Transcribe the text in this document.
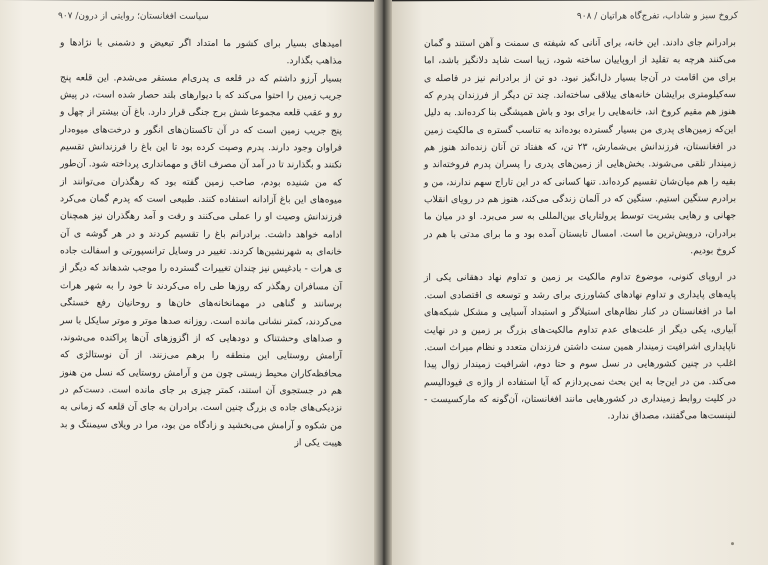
سیاست افغانستان؛ روایتی از درون/ ۹۰۷
امیدهای بسیار برای کشور ما امتداد اگر تبعیض و دشمنی با نژادها و مذاهب بگذارد.
بسیار آرزو داشتم که در قلعه ی پدری‌ام مستقر می‌شدم. این قلعه پنج جریب زمین را احتوا می‌کند که با دیوارهای بلند حصار شده است، در پیش رو و عقب قلعه مجموعا شش برج جنگی قرار دارد. باغ آن بیشتر از چهل و پنج جریب زمین است که در آن تاکستان‌های انگور و درخت‌های میوه‌دار فراوان وجود دارند. پدرم وصیت کرده بود تا این باغ را فرزندانش تقسیم نکنند و بگذارند تا در آمد آن مصرف اتاق و مهمانداری پرداخته شود. آن‌طور که من شنیده بودم، صاحب زمین گفته بود که رهگذران می‌توانند از میوه‌های این باغ آزادانه استفاده کنند. طبیعی است که پدرم گمان می‌کرد فرزندانش وصیت او را عملی می‌کنند و رفت و آمد رهگذران نیز همچنان ادامه خواهد داشت. برادرانم باغ را تقسیم کردند و در هر گوشه ی آن خانه‌ای به شهرنشین‌ها کردند. تغییر در وسایل ترانسپورتی و اسفالت جاده ی هرات - بادغیس نیز چندان تغییرات گسترده را موجب شدهاند که دیگر از آن مسافران رهگذر که روزها طی راه می‌کردند تا خود را به شهر هرات برسانند و گناهی در مهمانخانه‌های خان‌ها و روحانیان رفع خستگی می‌کردند، کمتر نشانی مانده است. روزانه صدها موتر و موتر سایکل با سر و صداهای وحشتناک و دودهایی که از اگزوزهای آن‌ها پراکنده می‌شوند، آرامش روستایی این منطقه را برهم می‌زنند. از آن نوستالژی که محافظه‌کاران محیط زیستی چون من و آرامش روستایی که نسل من هنوز هم در جستجوی آن استند، کمتر چیزی بر جای مانده است. دست‌کم در نزدیکی‌های جاده ی بزرگ چنین است. برادران به جای آن قلعه که زمانی به من شکوه و آرامش می‌بخشید و زادگاه من بود، مرا در ویلای سیمنتگ و بد هیبت یکی از
کروخ سبز و شاداب، تفرج‌گاه هراتیان / ۹۰۸
برادرانم جای دادند. این خانه، برای آنانی که شیفته ی سمنت و آهن استند و گمان می‌کنند هرچه به تقلید از اروپاییان ساخته شود، زیبا است شاید دلانگیز باشد، اما برای من اقامت در آن‌جا بسیار دل‌انگیز نبود. دو تن از برادرانم نیز در فاصله ی سه‌کیلومتری برایشان خانه‌های ییلاقی ساخته‌اند. چند تن دیگر از فرزندان پدرم که هنوز هم مقیم کروخ اند، خانه‌هایی را برای بود و باش همیشگی بنا کرده‌اند. به دلیل این‌که زمین‌های پدری من بسیار گسترده بوده‌اند به تناسب گستره ی مالکیت زمین در افغانستان، فرزندانش بی‌شمارش، ۲۳ تن، که هفتاد تن آنان زنده‌اند هنوز هم زمیندار تلقی می‌شوند. بخش‌هایی از زمین‌های پدری را پسران پدرم فروخته‌اند و بقیه را هم میان‌شان تقسیم کرده‌اند. تنها کسانی که در این تاراج سهم ندارند، من و برادرم ستگین استیم. سنگین که در آلمان زندگی می‌کند، هنوز هم در رویای انقلاب جهانی و رهایی بشریت توسط پرولتاریای بین‌المللی به سر می‌برد. او در میان ما برادران، درویش‌ترین ما است. امسال تابستان آمده بود و ما برای مدتی با هم در کروخ بودیم.
در اروپای کنونی، موضوع تداوم مالکیت بر زمین و تداوم نهاد دهقانی یکی از پایه‌های پایداری و تداوم نهادهای کشاورزی برای رشد و توسعه ی اقتصادی است. اما در افغانستان در کنار نظام‌های استیلاگر و استبداد آسیایی و مشکل شبکه‌های آبیاری، یکی دیگر از علت‌های عدم تداوم مالکیت‌های بزرگ بر زمین و در نهایت ناپایداری اشرافیت زمیندار همین سنت داشتن فرزندان متعدد و نظام میراث است. اغلب در چنین کشورهایی در نسل سوم و حتا دوم، اشرافیت زمیندار زوال پیدا می‌کند. من در این‌جا به این بحث نمی‌پردازم که آیا استفاده از واژه ی فیودالیسم در کلیت روابط زمینداری در کشورهایی مانند افغانستان، آن‌گونه که مارکسیست - لنینست‌ها می‌گفتند، مصداق ندارد.
